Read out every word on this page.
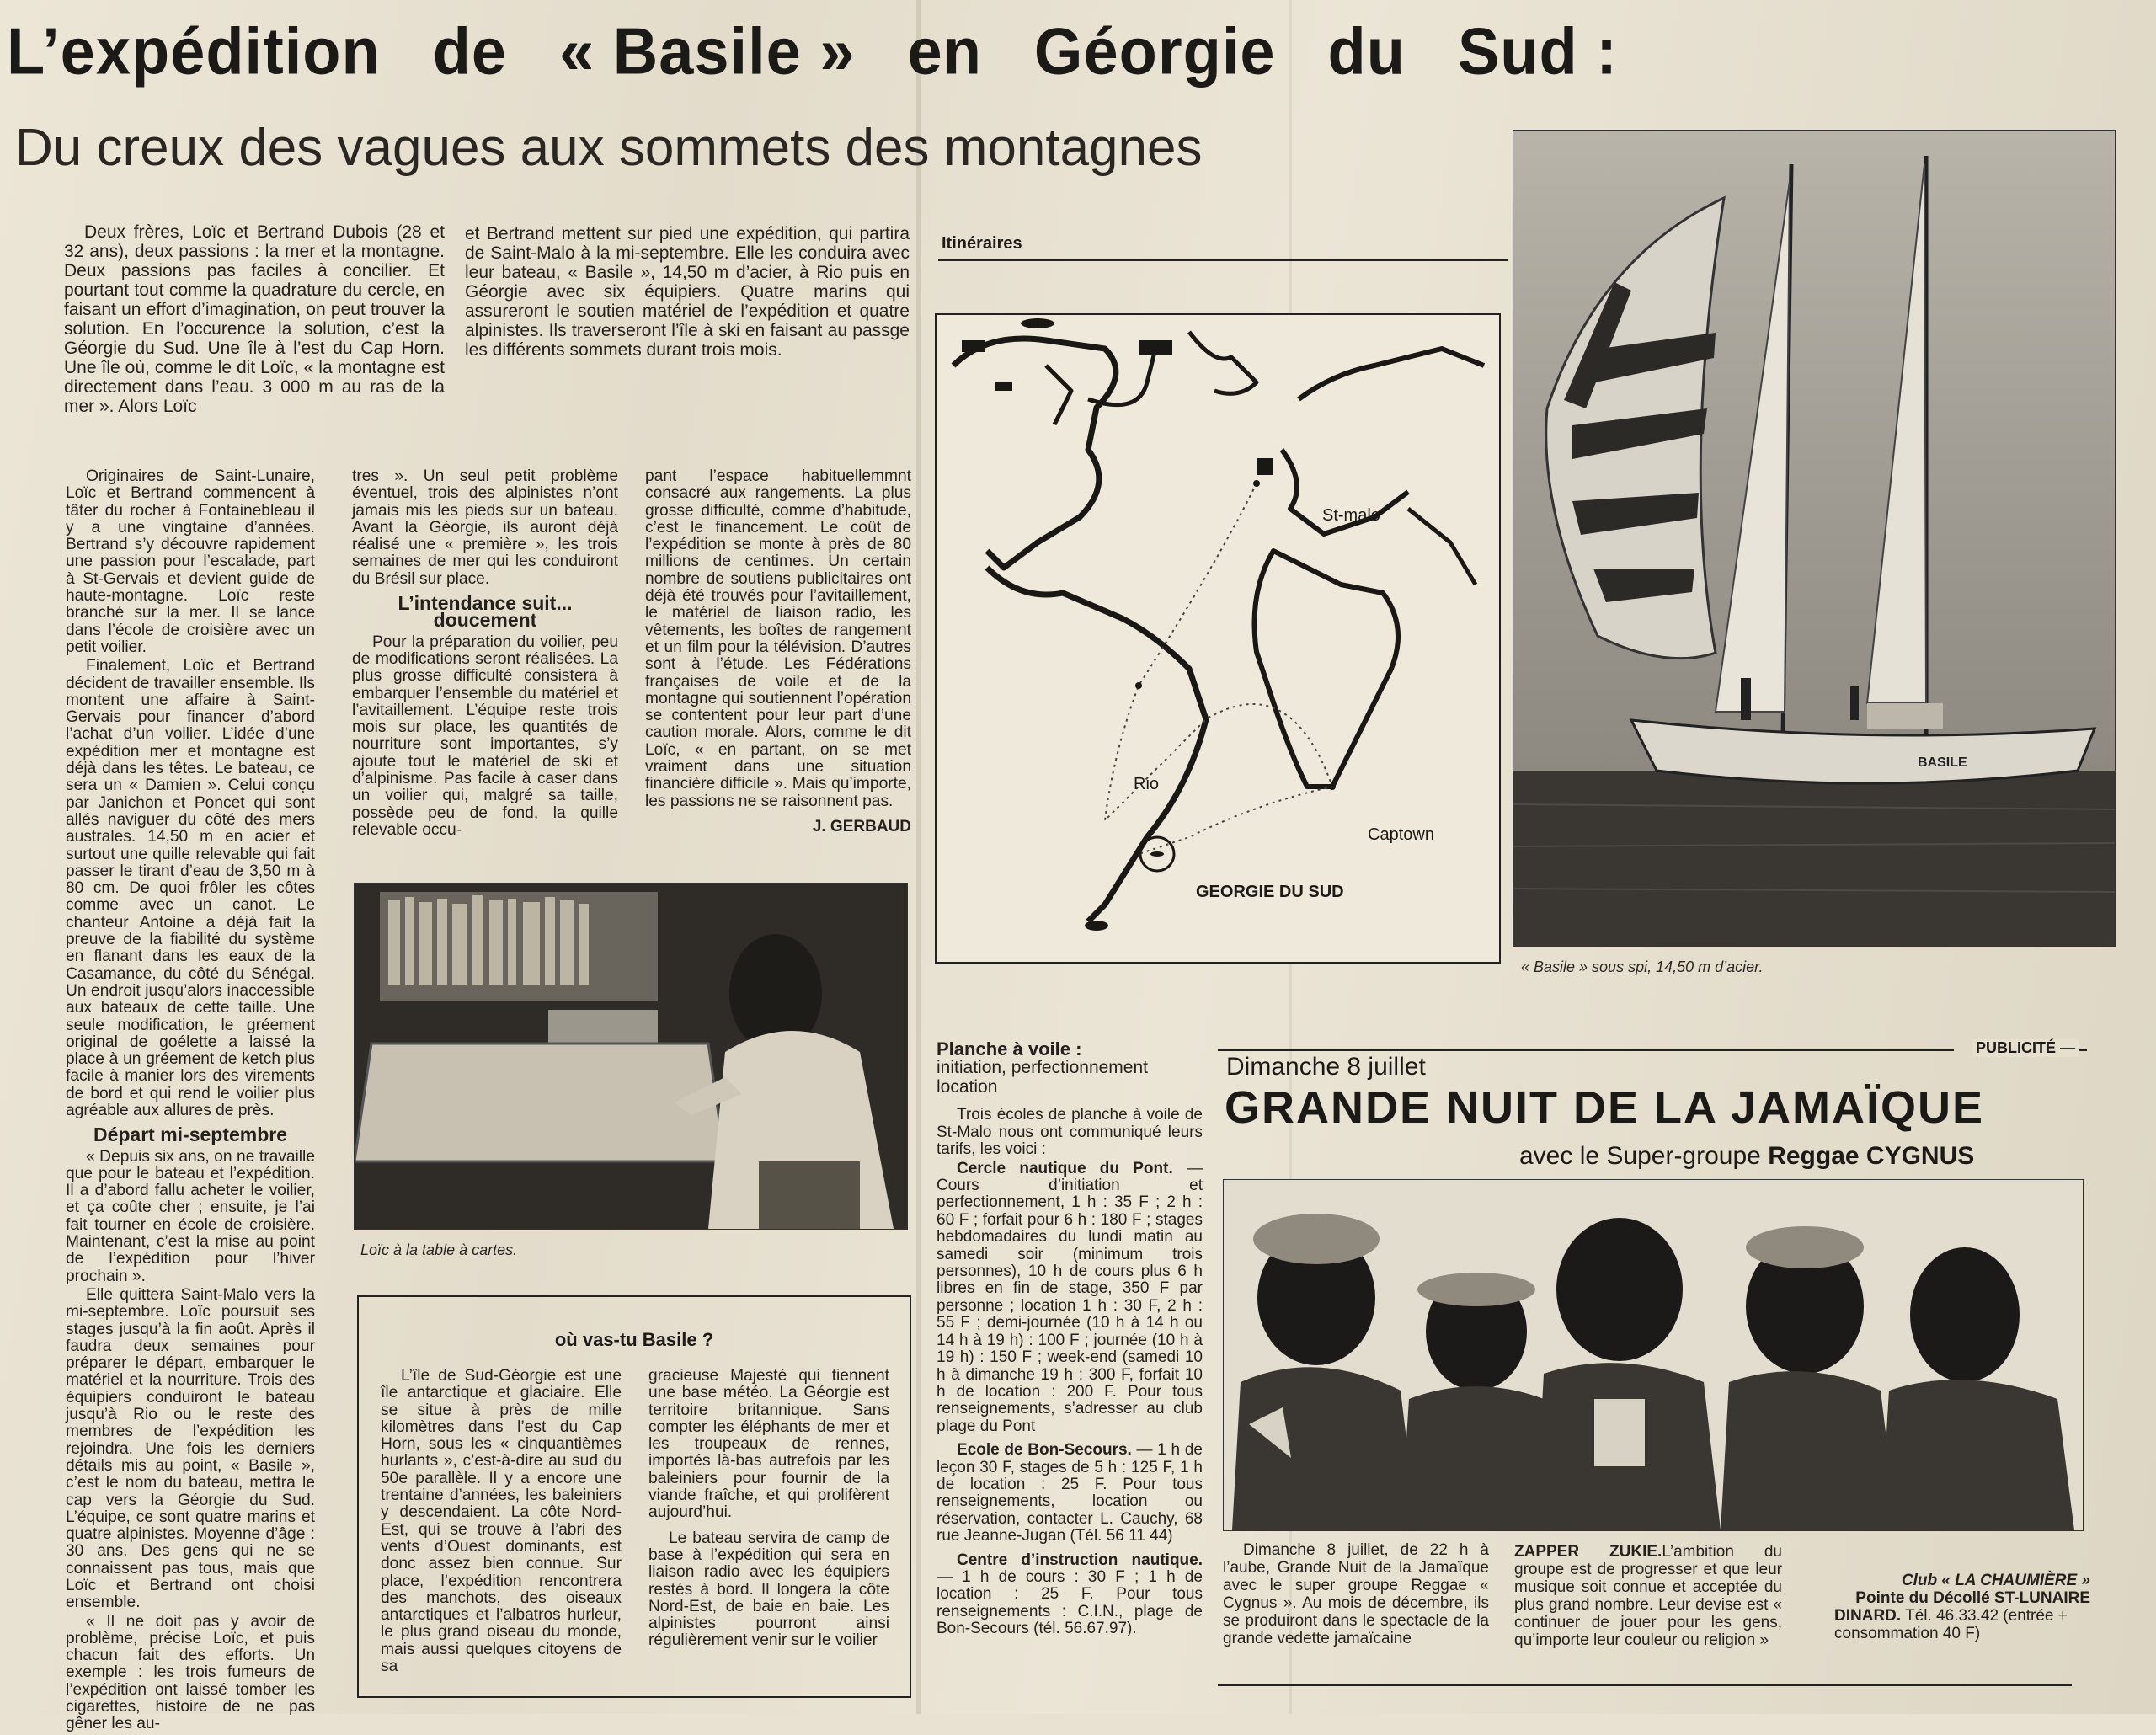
L’expédition de « Basile » en Géorgie du Sud :
Du creux des vagues aux sommets des montagnes

Deux frères, Loïc et Bertrand Dubois (28 et 32 ans), deux passions : la mer et la montagne. Deux passions pas faciles à concilier. Et pourtant tout comme la quadrature du cercle, en faisant un effort d’imagination, on peut trouver la solution. En l’occurence la solution, c’est la Géorgie du Sud. Une île à l’est du Cap Horn. Une île où, comme le dit Loïc, « la montagne est directement dans l’eau. 3 000 m au ras de la mer ». Alors Loïc

et Bertrand mettent sur pied une expédition, qui partira de Saint-Malo à la mi-septembre. Elle les conduira avec leur bateau, « Basile », 14,50 m d’acier, à Rio puis en Géorgie avec six équipiers. Quatre marins qui assureront le soutien matériel de l’expédition et quatre alpinistes. Ils traverseront l’île à ski en faisant au passge les différents sommets durant trois mois.

Originaires de Saint-Lunaire, Loïc et Bertrand commencent à tâter du rocher à Fontainebleau il y a une vingtaine d’années. Bertrand s’y découvre rapidement une passion pour l’escalade, part à St-Gervais et devient guide de haute-montagne. Loïc reste branché sur la mer. Il se lance dans l’école de croisière avec un petit voilier.

Finalement, Loïc et Bertrand décident de travailler ensemble. Ils montent une affaire à Saint-Gervais pour financer d’abord l’achat d’un voilier. L’idée d’une expédition mer et montagne est déjà dans les têtes. Le bateau, ce sera un « Damien ». Celui conçu par Janichon et Poncet qui sont allés naviguer du côté des mers australes. 14,50 m en acier et surtout une quille relevable qui fait passer le tirant d’eau de 3,50 m à 80 cm. De quoi frôler les côtes comme avec un canot. Le chanteur Antoine a déjà fait la preuve de la fiabilité du système en flanant dans les eaux de la Casamance, du côté du Sénégal. Un endroit jusqu’alors inaccessible aux bateaux de cette taille. Une seule modification, le gréement original de goélette a laissé la place à un gréement de ketch plus facile à manier lors des virements de bord et qui rend le voilier plus agréable aux allures de près.

Départ mi-septembre

« Depuis six ans, on ne travaille que pour le bateau et l’expédition. Il a d’abord fallu acheter le voilier, et ça coûte cher ; ensuite, je l’ai fait tourner en école de croisière. Maintenant, c’est la mise au point de l’expédition pour l’hiver prochain ».

Elle quittera Saint-Malo vers la mi-septembre. Loïc poursuit ses stages jusqu’à la fin août. Après il faudra deux semaines pour préparer le départ, embarquer le matériel et la nourriture. Trois des équipiers conduiront le bateau jusqu’à Rio ou le reste des membres de l’expédition les rejoindra. Une fois les derniers détails mis au point, « Basile », c’est le nom du bateau, mettra le cap vers la Géorgie du Sud. L’équipe, ce sont quatre marins et quatre alpinistes. Moyenne d’âge : 30 ans. Des gens qui ne se connaissent pas tous, mais que Loïc et Bertrand ont choisi ensemble.

« Il ne doit pas y avoir de problème, précise Loïc, et puis chacun fait des efforts. Un exemple : les trois fumeurs de l’expédition ont laissé tomber les cigarettes, histoire de ne pas gêner les au-

tres ». Un seul petit problème éventuel, trois des alpinistes n’ont jamais mis les pieds sur un bateau. Avant la Géorgie, ils auront déjà réalisé une « première », les trois semaines de mer qui les conduiront du Brésil sur place.

L’intendance suit... doucement

Pour la préparation du voilier, peu de modifications seront réalisées. La plus grosse difficulté consistera à embarquer l’ensemble du matériel et l’avitaillement. L’équipe reste trois mois sur place, les quantités de nourriture sont importantes, s’y ajoute tout le matériel de ski et d’alpinisme. Pas facile à caser dans un voilier qui, malgré sa taille, possède peu de fond, la quille relevable occu-

pant l’espace habituellemmnt consacré aux rangements. La plus grosse difficulté, comme d’habitude, c’est le financement. Le coût de l’expédition se monte à près de 80 millions de centimes. Un certain nombre de soutiens publicitaires ont déjà été trouvés pour l’avitaillement, le matériel de liaison radio, les vêtements, les boîtes de rangement et un film pour la télévision. D’autres sont à l’étude. Les Fédérations françaises de voile et de la montagne qui soutiennent l’opération se contentent pour leur part d’une caution morale. Alors, comme le dit Loïc, « en partant, on se met vraiment dans une situation financière difficile ». Mais qu’importe, les passions ne se raisonnent pas.

J. GERBAUD
Loïc à la table à cartes.
où vas-tu Basile ?

L’île de Sud-Géorgie est une île antarctique et glaciaire. Elle se situe à près de mille kilomètres dans l’est du Cap Horn, sous les « cinquantièmes hurlants », c’est-à-dire au sud du 50e parallèle. Il y a encore une trentaine d’années, les baleiniers y descendaient. La côte Nord-Est, qui se trouve à l’abri des vents d’Ouest dominants, est donc assez bien connue. Sur place, l’expédition rencontrera des manchots, des oiseaux antarctiques et l’albatros hurleur, le plus grand oiseau du monde, mais aussi quelques citoyens de sa

gracieuse Majesté qui tiennent une base météo. La Géorgie est territoire britannique. Sans compter les éléphants de mer et les troupeaux de rennes, importés là-bas autrefois par les baleiniers pour fournir de la viande fraîche, et qui prolifèrent aujourd’hui.

Le bateau servira de camp de base à l’expédition qui sera en liaison radio avec les équipiers restés à bord. Il longera la côte Nord-Est, de baie en baie. Les alpinistes pourront ainsi régulièrement venir sur le voilier

Itinéraires
St-malo
Rio
Captown
GEORGIE DU SUD
BASILE
« Basile » sous spi, 14,50 m d’acier.
Planche à voile :
initiation, perfectionnement location

Trois écoles de planche à voile de St-Malo nous ont communiqué leurs tarifs, les voici :

Cercle nautique du Pont. — Cours d’initiation et perfectionnement, 1 h : 35 F ; 2 h : 60 F ; forfait pour 6 h : 180 F ; stages hebdomadaires du lundi matin au samedi soir (minimum trois personnes), 10 h de cours plus 6 h libres en fin de stage, 350 F par personne ; location 1 h : 30 F, 2 h : 55 F ; demi-journée (10 h à 14 h ou 14 h à 19 h) : 100 F ; journée (10 h à 19 h) : 150 F ; week-end (samedi 10 h à dimanche 19 h : 300 F, forfait 10 h de location : 200 F. Pour tous renseignements, s’adresser au club plage du Pont

Ecole de Bon-Secours. — 1 h de leçon 30 F, stages de 5 h : 125 F, 1 h de location : 25 F. Pour tous renseignements, location ou réservation, contacter L. Cauchy, 68 rue Jeanne-Jugan (Tél. 56 11 44)

Centre d’instruction nautique. — 1 h de cours : 30 F ; 1 h de location : 25 F. Pour tous renseignements : C.I.N., plage de Bon-Secours (tél. 56.67.97).

PUBLICITÉ —
Dimanche 8 juillet
GRANDE NUIT DE LA JAMAÏQUE
avec le Super-groupe Reggae CYGNUS

Dimanche 8 juillet, de 22 h à l’aube, Grande Nuit de la Jamaïque avec le super groupe Reggae « Cygnus ». Au mois de décembre, ils se produiront dans le spectacle de la grande vedette jamaïcaine

ZAPPER ZUKIE.L’ambition du groupe est de progresser et que leur musique soit connue et acceptée du plus grand nombre. Leur devise est « continuer de jouer pour les gens, qu’importe leur couleur ou religion »

Club « LA CHAUMIÈRE »
Pointe du Décollé ST-LUNAIRE
DINARD. Tél. 46.33.42 (entrée + consommation 40 F)
